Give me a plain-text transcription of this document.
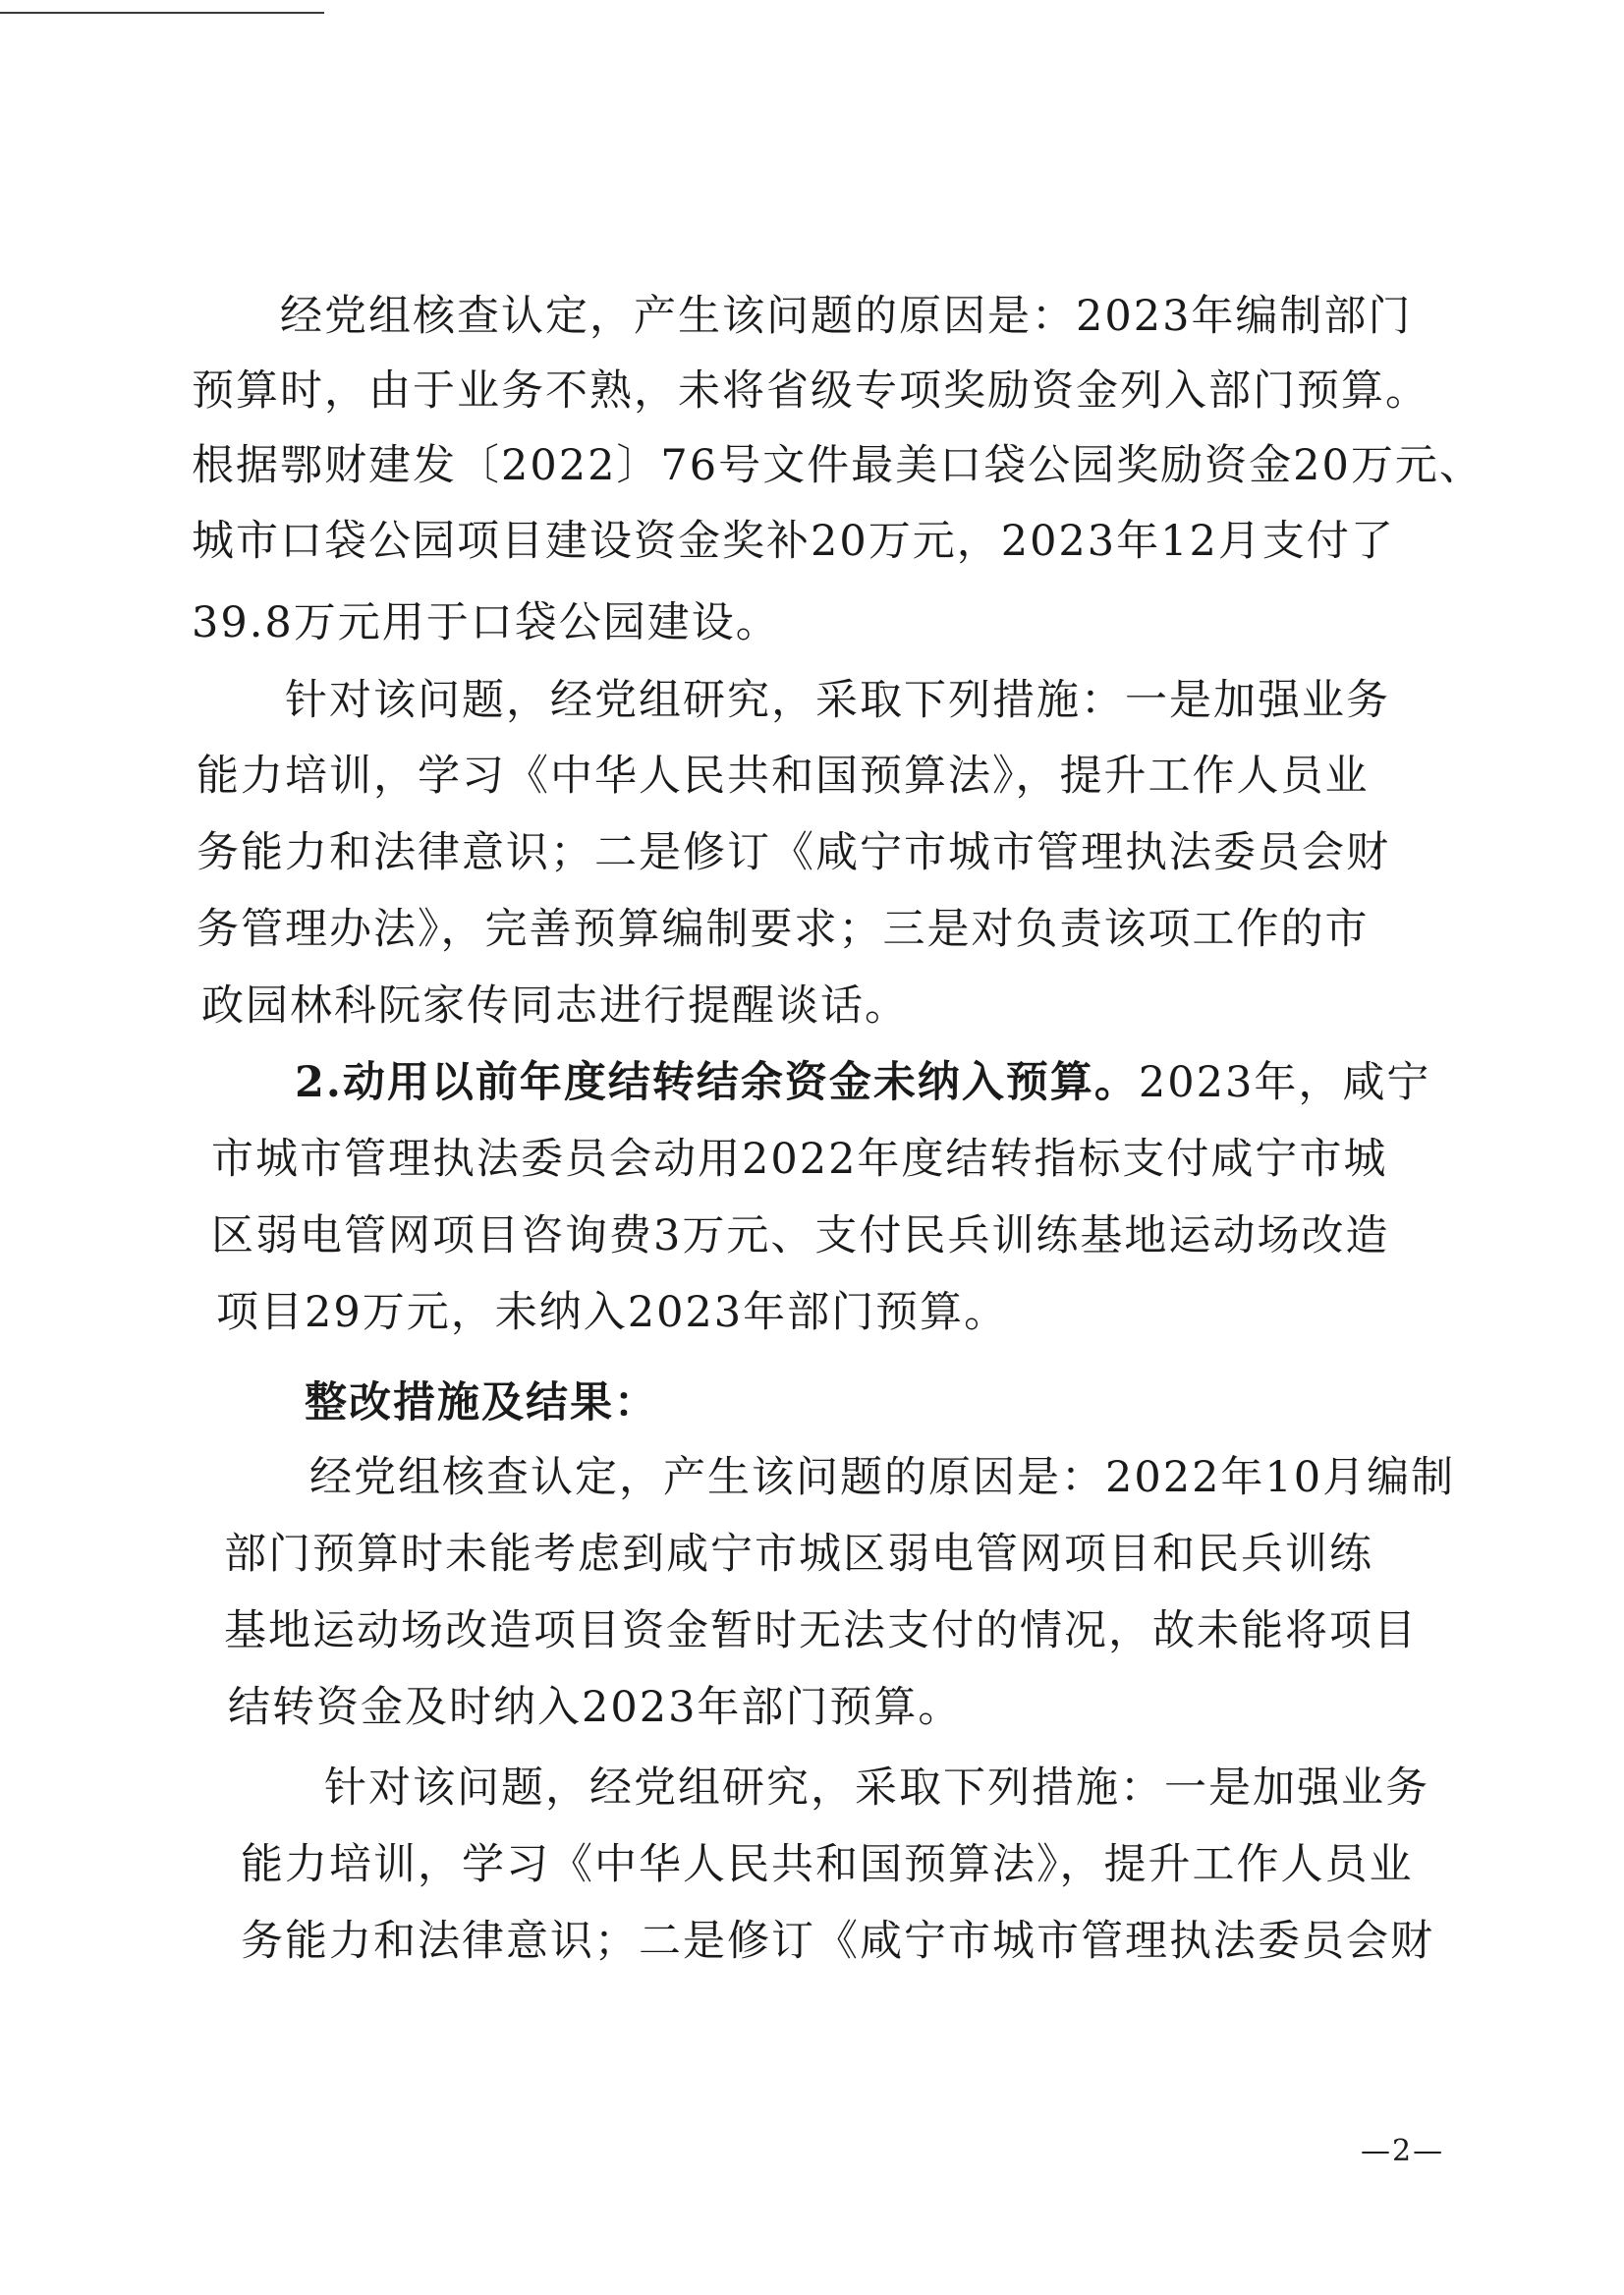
经党组核查认定，产生该问题的原因是：2023年编制部门
预算时，由于业务不熟，未将省级专项奖励资金列入部门预算。
根据鄂财建发〔2022〕76号文件最美口袋公园奖励资金20万元、
城市口袋公园项目建设资金奖补20万元，2023年12月支付了
39.8万元用于口袋公园建设。
针对该问题，经党组研究，采取下列措施：一是加强业务
能力培训，学习《中华人民共和国预算法》，提升工作人员业
务能力和法律意识；二是修订《咸宁市城市管理执法委员会财
务管理办法》，完善预算编制要求；三是对负责该项工作的市
政园林科阮家传同志进行提醒谈话。
2.动用以前年度结转结余资金未纳入预算。2023年，咸宁
市城市管理执法委员会动用2022年度结转指标支付咸宁市城
区弱电管网项目咨询费3万元、支付民兵训练基地运动场改造
项目29万元，未纳入2023年部门预算。
整改措施及结果：
经党组核查认定，产生该问题的原因是：2022年10月编制
部门预算时未能考虑到咸宁市城区弱电管网项目和民兵训练
基地运动场改造项目资金暂时无法支付的情况，故未能将项目
结转资金及时纳入2023年部门预算。
针对该问题，经党组研究，采取下列措施：一是加强业务
能力培训，学习《中华人民共和国预算法》，提升工作人员业
务能力和法律意识；二是修订《咸宁市城市管理执法委员会财
—2—
